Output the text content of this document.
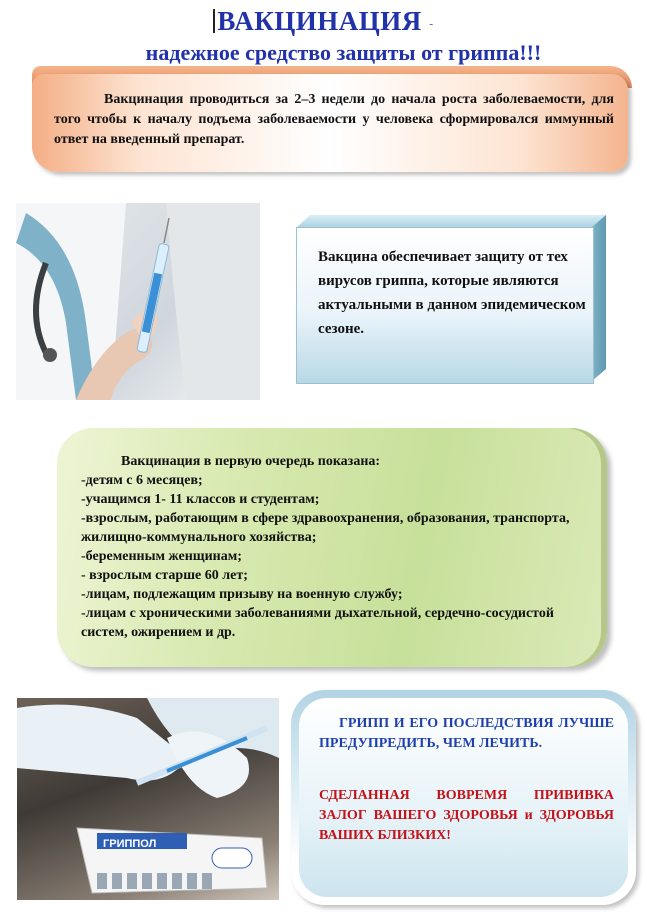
ВАКЦИНАЦИЯ -
надежное средство защиты от гриппа!!!
Вакцинация проводиться за 2–3 недели до начала роста заболеваемости, для того чтобы к началу подъема заболеваемости у человека сформировался иммунный ответ на введенный препарат.
Вакцина обеспечивает защиту от тех вирусов гриппа, которые являются актуальными в данном эпидемическом сезоне.
Вакцинация в первую очередь показана:
-детям с 6 месяцев;
-учащимся 1- 11 классов и студентам;
-взрослым, работающим в сфере здравоохранения, образования, транспорта, жилищно-коммунального хозяйства;
-беременным женщинам;
- взрослым старше 60 лет;
-лицам, подлежащим призыву на военную службу;
-лицам с хроническими заболеваниями дыхательной, сердечно-сосудистой систем, ожирением и др.
ГРИППОЛ
ГРИПП И ЕГО ПОСЛЕДСТВИЯ ЛУЧШЕ ПРЕДУПРЕДИТЬ, ЧЕМ ЛЕЧИТЬ.
СДЕЛАННАЯ ВОВРЕМЯ ПРИВИВКА ЗАЛОГ ВАШЕГО ЗДОРОВЬЯ и ЗДОРОВЬЯ ВАШИХ БЛИЗКИХ!
